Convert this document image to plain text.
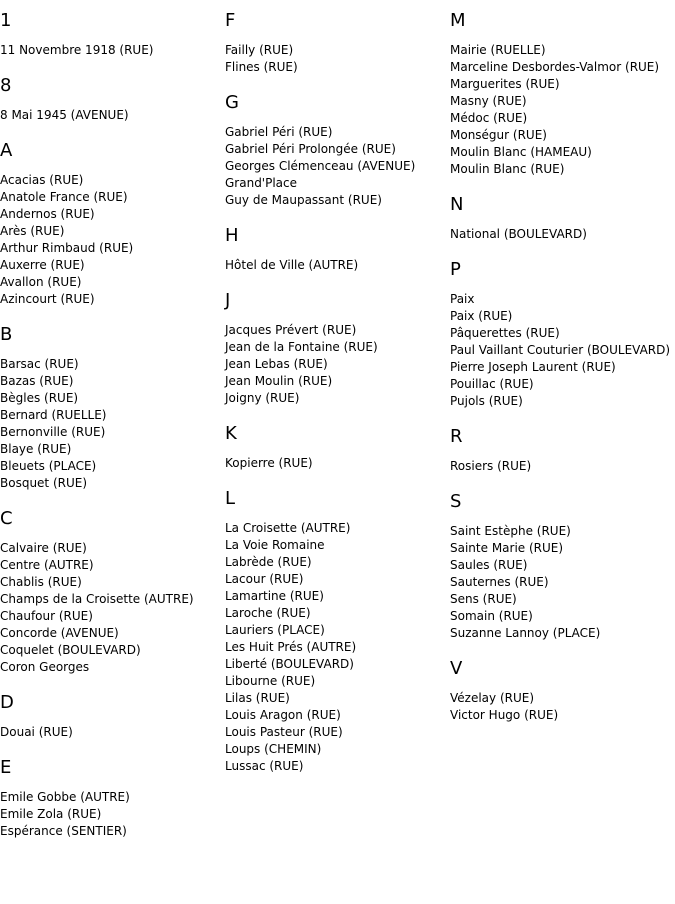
1
11 Novembre 1918 (RUE)
8
8 Mai 1945 (AVENUE)
A
Acacias (RUE)
Anatole France (RUE)
Andernos (RUE)
Arès (RUE)
Arthur Rimbaud (RUE)
Auxerre (RUE)
Avallon (RUE)
Azincourt (RUE)
B
Barsac (RUE)
Bazas (RUE)
Bègles (RUE)
Bernard (RUELLE)
Bernonville (RUE)
Blaye (RUE)
Bleuets (PLACE)
Bosquet (RUE)
C
Calvaire (RUE)
Centre (AUTRE)
Chablis (RUE)
Champs de la Croisette (AUTRE)
Chaufour (RUE)
Concorde (AVENUE)
Coquelet (BOULEVARD)
Coron Georges
D
Douai (RUE)
E
Emile Gobbe (AUTRE)
Emile Zola (RUE)
Espérance (SENTIER)
F
Failly (RUE)
Flines (RUE)
G
Gabriel Péri (RUE)
Gabriel Péri Prolongée (RUE)
Georges Clémenceau (AVENUE)
Grand'Place
Guy de Maupassant (RUE)
H
Hôtel de Ville (AUTRE)
J
Jacques Prévert (RUE)
Jean de la Fontaine (RUE)
Jean Lebas (RUE)
Jean Moulin (RUE)
Joigny (RUE)
K
Kopierre (RUE)
L
La Croisette (AUTRE)
La Voie Romaine
Labrède (RUE)
Lacour (RUE)
Lamartine (RUE)
Laroche (RUE)
Lauriers (PLACE)
Les Huit Prés (AUTRE)
Liberté (BOULEVARD)
Libourne (RUE)
Lilas (RUE)
Louis Aragon (RUE)
Louis Pasteur (RUE)
Loups (CHEMIN)
Lussac (RUE)
M
Mairie (RUELLE)
Marceline Desbordes-Valmor (RUE)
Marguerites (RUE)
Masny (RUE)
Médoc (RUE)
Monségur (RUE)
Moulin Blanc (HAMEAU)
Moulin Blanc (RUE)
N
National (BOULEVARD)
P
Paix
Paix (RUE)
Pâquerettes (RUE)
Paul Vaillant Couturier (BOULEVARD)
Pierre Joseph Laurent (RUE)
Pouillac (RUE)
Pujols (RUE)
R
Rosiers (RUE)
S
Saint Estèphe (RUE)
Sainte Marie (RUE)
Saules (RUE)
Sauternes (RUE)
Sens (RUE)
Somain (RUE)
Suzanne Lannoy (PLACE)
V
Vézelay (RUE)
Victor Hugo (RUE)
